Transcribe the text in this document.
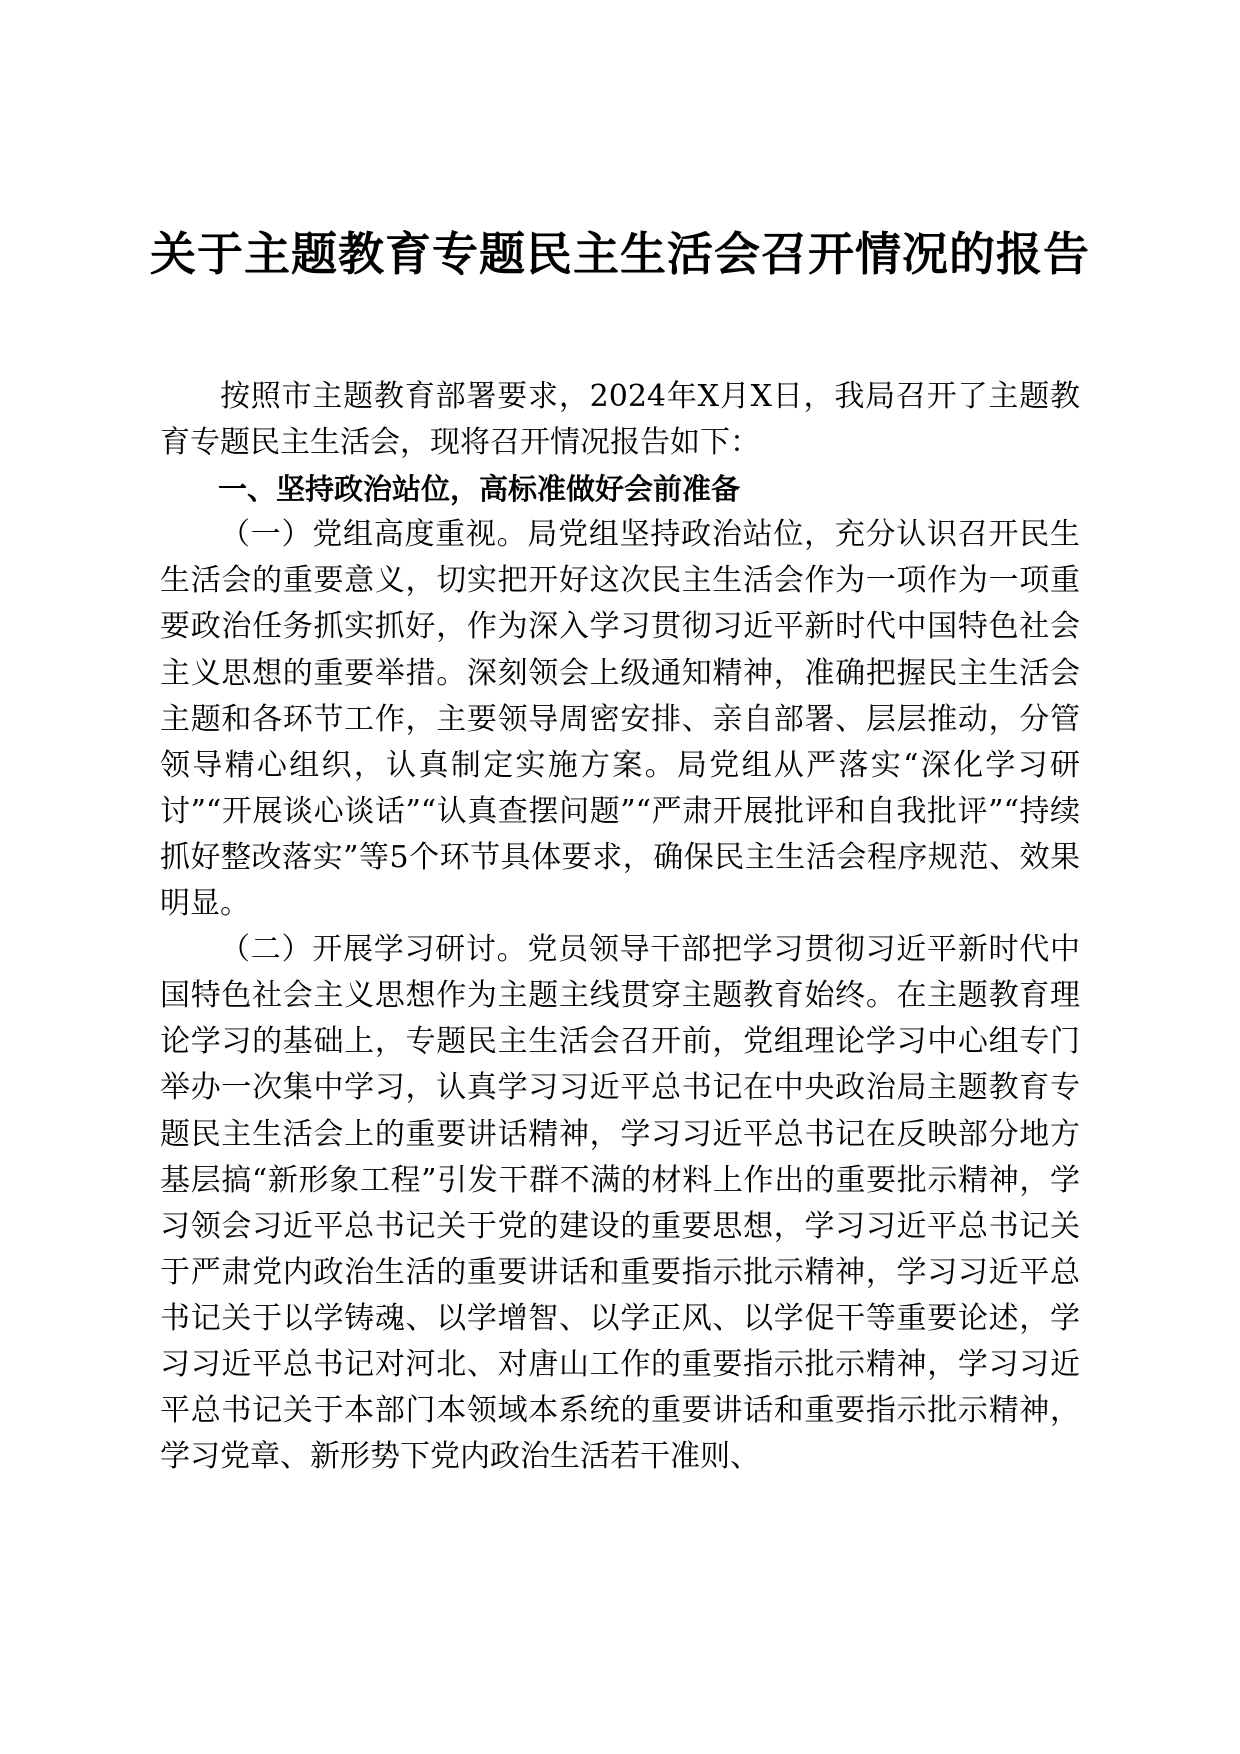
关于主题教育专题民主生活会召开情况的报告

按照市主题教育部署要求，2024年X月X日，我局召开了主题教育专题民主生活会，现将召开情况报告如下：

一、坚持政治站位，高标准做好会前准备

（一）党组高度重视。局党组坚持政治站位，充分认识召开民生生活会的重要意义，切实把开好这次民主生活会作为一项作为一项重要政治任务抓实抓好，作为深入学习贯彻习近平新时代中国特色社会主义思想的重要举措。深刻领会上级通知精神，准确把握民主生活会主题和各环节工作，主要领导周密安排、亲自部署、层层推动，分管领导精心组织，认真制定实施方案。局党组从严落实“深化学习研讨”“开展谈心谈话”“认真查摆问题”“严肃开展批评和自我批评”“持续抓好整改落实”等5个环节具体要求，确保民主生活会程序规范、效果明显。

（二）开展学习研讨。党员领导干部把学习贯彻习近平新时代中国特色社会主义思想作为主题主线贯穿主题教育始终。在主题教育理论学习的基础上，专题民主生活会召开前，党组理论学习中心组专门举办一次集中学习，认真学习习近平总书记在中央政治局主题教育专题民主生活会上的重要讲话精神，学习习近平总书记在反映部分地方基层搞“新形象工程”引发干群不满的材料上作出的重要批示精神，学习领会习近平总书记关于党的建设的重要思想，学习习近平总书记关于严肃党内政治生活的重要讲话和重要指示批示精神，学习习近平总书记关于以学铸魂、以学增智、以学正风、以学促干等重要论述，学习习近平总书记对河北、对唐山工作的重要指示批示精神，学习习近平总书记关于本部门本领域本系统的重要讲话和重要指示批示精神，学习党章、新形势下党内政治生活若干准则、
